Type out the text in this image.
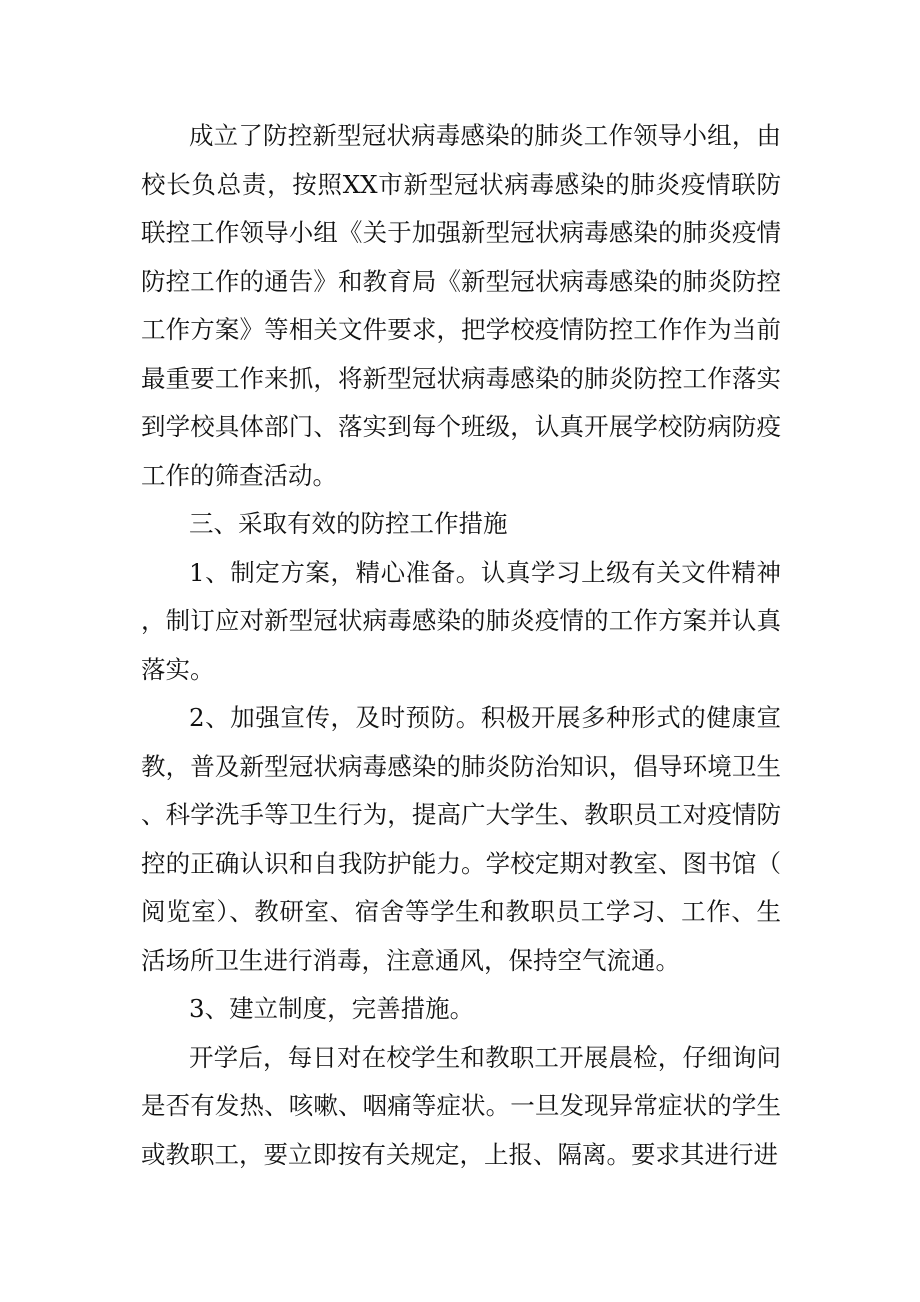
成立了防控新型冠状病毒感染的肺炎工作领导小组，由校长负总责，按照XX市新型冠状病毒感染的肺炎疫情联防联控工作领导小组《关于加强新型冠状病毒感染的肺炎疫情防控工作的通告》和教育局《新型冠状病毒感染的肺炎防控工作方案》等相关文件要求，把学校疫情防控工作作为当前最重要工作来抓，将新型冠状病毒感染的肺炎防控工作落实到学校具体部门、落实到每个班级，认真开展学校防病防疫工作的筛查活动。

三、采取有效的防控工作措施

1、制定方案，精心准备。认真学习上级有关文件精神，制订应对新型冠状病毒感染的肺炎疫情的工作方案并认真落实。

2、加强宣传，及时预防。积极开展多种形式的健康宣教，普及新型冠状病毒感染的肺炎防治知识，倡导环境卫生、科学洗手等卫生行为，提高广大学生、教职员工对疫情防控的正确认识和自我防护能力。学校定期对教室、图书馆（阅览室）、教研室、宿舍等学生和教职员工学习、工作、生活场所卫生进行消毒，注意通风，保持空气流通。

3、建立制度，完善措施。

开学后，每日对在校学生和教职工开展晨检，仔细询问是否有发热、咳嗽、咽痛等症状。一旦发现异常症状的学生或教职工，要立即按有关规定，上报、隔离。要求其进行进
